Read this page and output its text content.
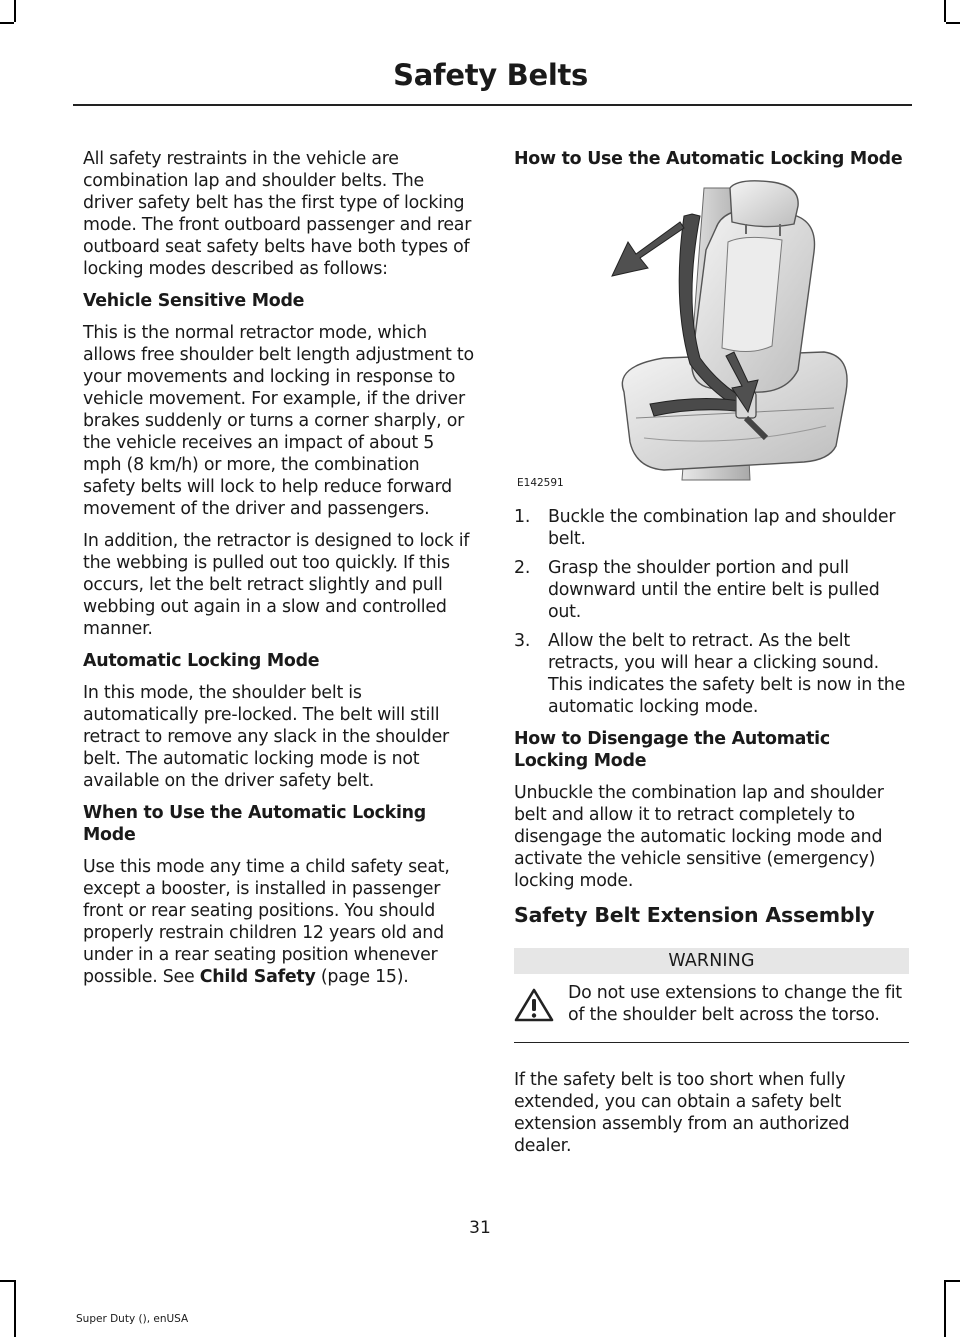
Safety Belts

All safety restraints in the vehicle are combination lap and shoulder belts. The driver safety belt has the first type of locking mode. The front outboard passenger and rear outboard seat safety belts have both types of locking modes described as follows:

Vehicle Sensitive Mode

This is the normal retractor mode, which allows free shoulder belt length adjustment to your movements and locking in response to vehicle movement. For example, if the driver brakes suddenly or turns a corner sharply, or the vehicle receives an impact of about 5 mph (8 km/h) or more, the combination safety belts will lock to help reduce forward movement of the driver and passengers.

In addition, the retractor is designed to lock if the webbing is pulled out too quickly. If this occurs, let the belt retract slightly and pull webbing out again in a slow and controlled manner.

Automatic Locking Mode

In this mode, the shoulder belt is automatically pre-locked. The belt will still retract to remove any slack in the shoulder belt. The automatic locking mode is not available on the driver safety belt.

When to Use the Automatic Locking Mode

Use this mode any time a child safety seat, except a booster, is installed in passenger front or rear seating positions. You should properly restrain children 12 years old and under in a rear seating position whenever possible. See Child Safety (page 15).

How to Use the Automatic Locking Mode
E142591
1. Buckle the combination lap and shoulder belt.
2. Grasp the shoulder portion and pull downward until the entire belt is pulled out.
3. Allow the belt to retract. As the belt retracts, you will hear a clicking sound. This indicates the safety belt is now in the automatic locking mode.
How to Disengage the Automatic Locking Mode

Unbuckle the combination lap and shoulder belt and allow it to retract completely to disengage the automatic locking mode and activate the vehicle sensitive (emergency) locking mode.

Safety Belt Extension Assembly
WARNING
Do not use extensions to change the fit of the shoulder belt across the torso.

If the safety belt is too short when fully extended, you can obtain a safety belt extension assembly from an authorized dealer.

31
Super Duty (), enUSA
